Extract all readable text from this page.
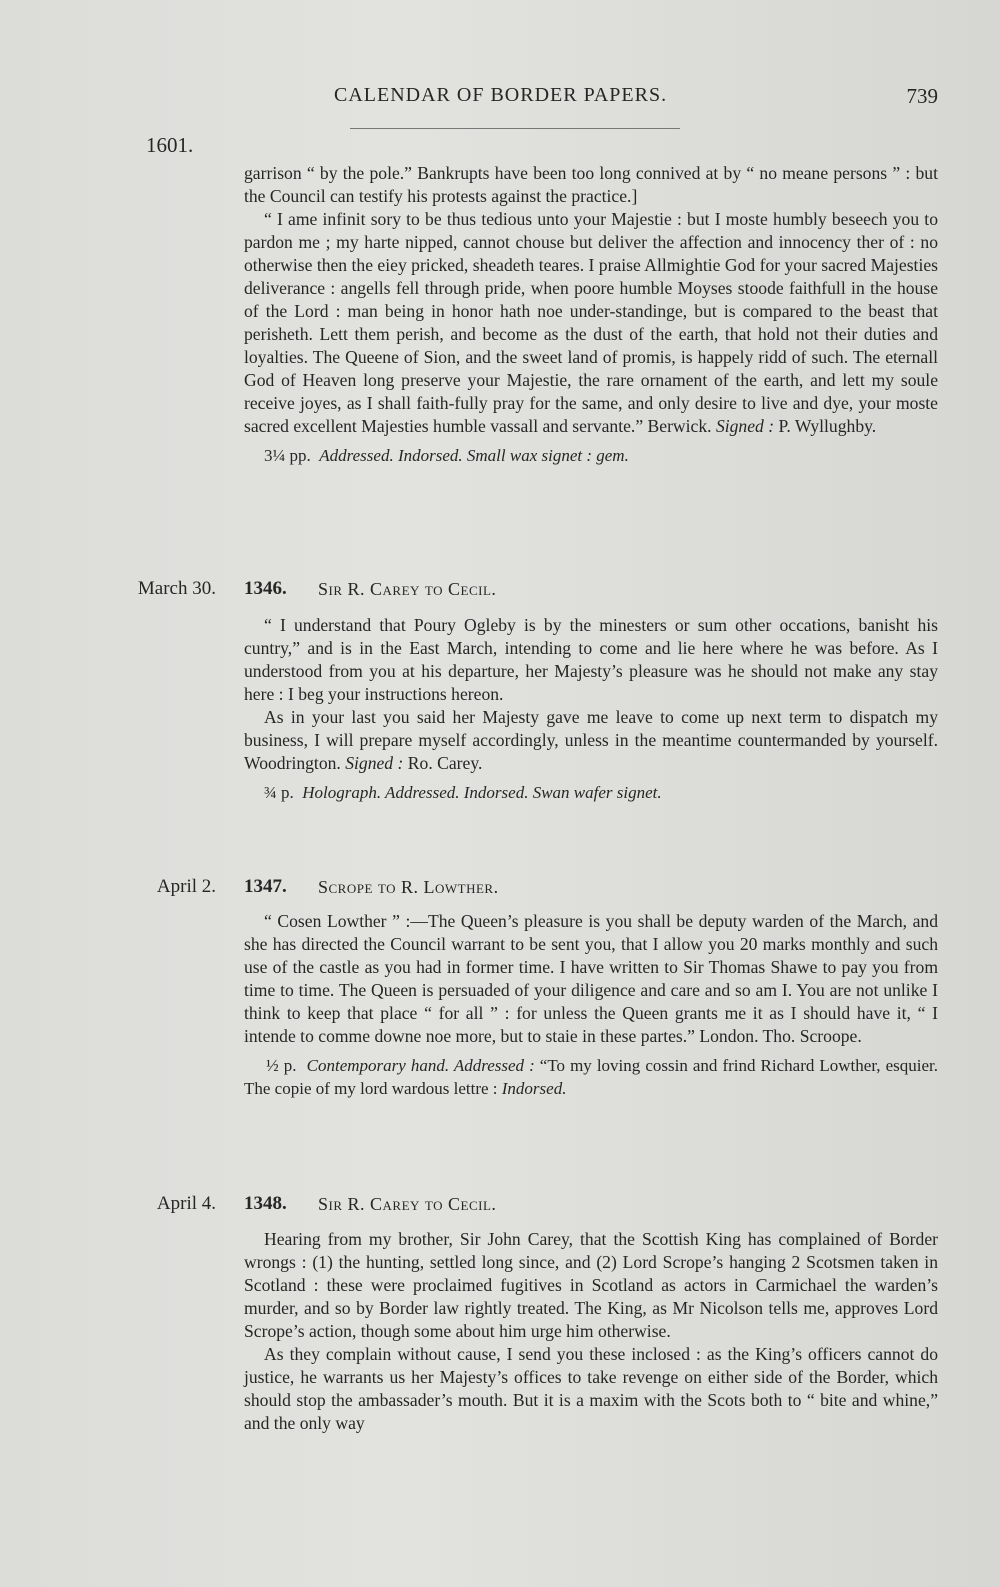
CALENDAR OF BORDER PAPERS.	739
1601.

garrison “ by the pole.” Bankrupts have been too long connived at by “ no meane persons ” : but the Council can testify his protests against the practice.]

“ I ame infinit sory to be thus tedious unto your Majestie : but I moste humbly beseech you to pardon me ; my harte nipped, cannot chouse but deliver the affection and innocency ther of : no otherwise then the eiey pricked, sheadeth teares. I praise Allmightie God for your sacred Majesties deliverance : angells fell through pride, when poore humble Moyses stoode faithfull in the house of the Lord : man being in honor hath noe under-standinge, but is compared to the beast that perisheth. Lett them perish, and become as the dust of the earth, that hold not their duties and loyalties. The Queene of Sion, and the sweet land of promis, is happely ridd of such. The eternall God of Heaven long preserve your Majestie, the rare ornament of the earth, and lett my soule receive joyes, as I shall faith-fully pray for the same, and only desire to live and dye, your moste sacred excellent Majesties humble vassall and servante.” Berwick. Signed : P. Wyllughby.

3¼ pp. Addressed. Indorsed. Small wax signet : gem.

March 30. 1346. Sir R. Carey to Cecil.

“ I understand that Poury Ogleby is by the minesters or sum other occations, banisht his cuntry,” and is in the East March, intending to come and lie here where he was before. As I understood from you at his departure, her Majesty’s pleasure was he should not make any stay here : I beg your instructions hereon.

As in your last you said her Majesty gave me leave to come up next term to dispatch my business, I will prepare myself accordingly, unless in the meantime countermanded by yourself. Woodrington. Signed : Ro. Carey.

¾ p. Holograph. Addressed. Indorsed. Swan wafer signet.

April 2. 1347. Scrope to R. Lowther.

“ Cosen Lowther ” :—The Queen’s pleasure is you shall be deputy warden of the March, and she has directed the Council warrant to be sent you, that I allow you 20 marks monthly and such use of the castle as you had in former time. I have written to Sir Thomas Shawe to pay you from time to time. The Queen is persuaded of your diligence and care and so am I. You are not unlike I think to keep that place “ for all ” : for unless the Queen grants me it as I should have it, “ I intende to comme downe noe more, but to staie in these partes.” London. Tho. Scroope.

½ p. Contemporary hand. Addressed : “To my loving cossin and frind Richard Lowther, esquier. The copie of my lord wardous lettre : Indorsed.

April 4. 1348. Sir R. Carey to Cecil.

Hearing from my brother, Sir John Carey, that the Scottish King has complained of Border wrongs : (1) the hunting, settled long since, and (2) Lord Scrope’s hanging 2 Scotsmen taken in Scotland : these were proclaimed fugitives in Scotland as actors in Carmichael the warden’s murder, and so by Border law rightly treated. The King, as Mr Nicolson tells me, approves Lord Scrope’s action, though some about him urge him otherwise.

As they complain without cause, I send you these inclosed : as the King’s officers cannot do justice, he warrants us her Majesty’s offices to take revenge on either side of the Border, which should stop the ambassader’s mouth. But it is a maxim with the Scots both to “ bite and whine,” and the only way
